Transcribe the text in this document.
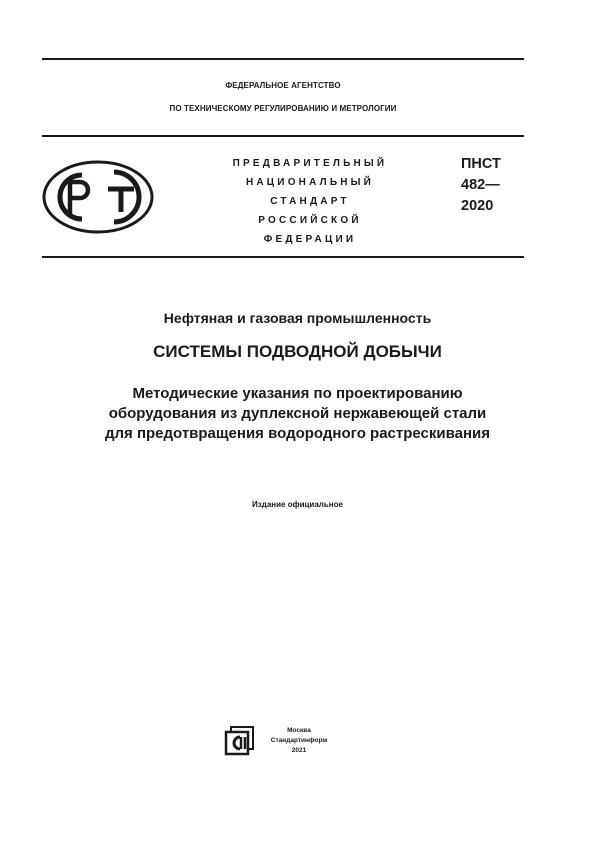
ФЕДЕРАЛЬНОЕ АГЕНТСТВО
ПО ТЕХНИЧЕСКОМУ РЕГУЛИРОВАНИЮ И МЕТРОЛОГИИ
ПРЕДВАРИТЕЛЬНЫЙ
НАЦИОНАЛЬНЫЙ
СТАНДАРТ
РОССИЙСКОЙ
ФЕДЕРАЦИИ
ПНСТ
482—
2020
Нефтяная и газовая промышленность
СИСТЕМЫ ПОДВОДНОЙ ДОБЫЧИ
Методические указания по проектированию
оборудования из дуплексной нержавеющей стали
для предотвращения водородного растрескивания
Издание официальное
Москва
Стандартинформ
2021
